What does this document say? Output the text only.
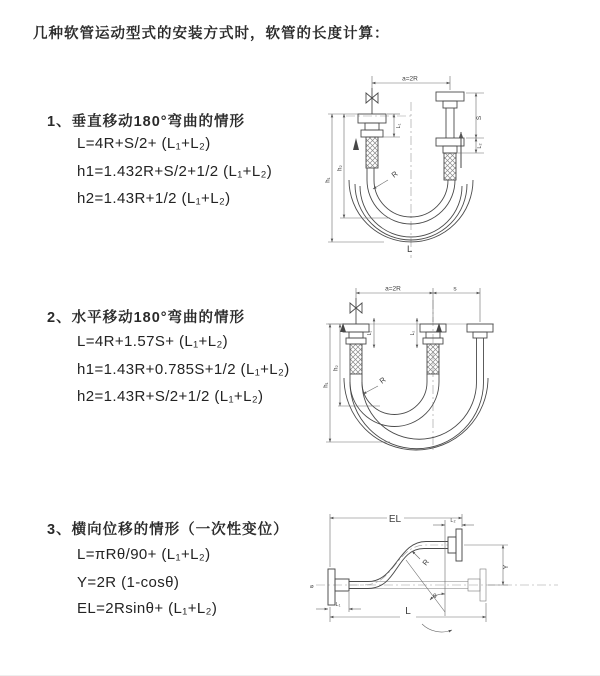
几种软管运动型式的安装方式时，软管的长度计算：
1、垂直移动180°弯曲的情形
L=4R+S/2+ (L₁+L₂)
h1=1.432R+S/2+1/2 (L₁+L₂)
h2=1.43R+1/2 (L₁+L₂)
2、水平移动180°弯曲的情形
L=4R+1.57S+ (L₁+L₂)
h1=1.43R+0.785S+1/2 (L₁+L₂)
h2=1.43R+S/2+1/2 (L₁+L₂)
3、横向位移的情形（一次性变位）
L=πRθ/90+ (L₁+L₂)
Y=2R (1-cosθ)
EL=2Rsinθ+ (L₁+L₂)
a=2R
S
L₂
L₁
h₁
h₂
R
L
a=2R	s
L₁	L₂
h₁
h₂
R
EL	L₂
Y
L
L₁
R
θ
⌀
